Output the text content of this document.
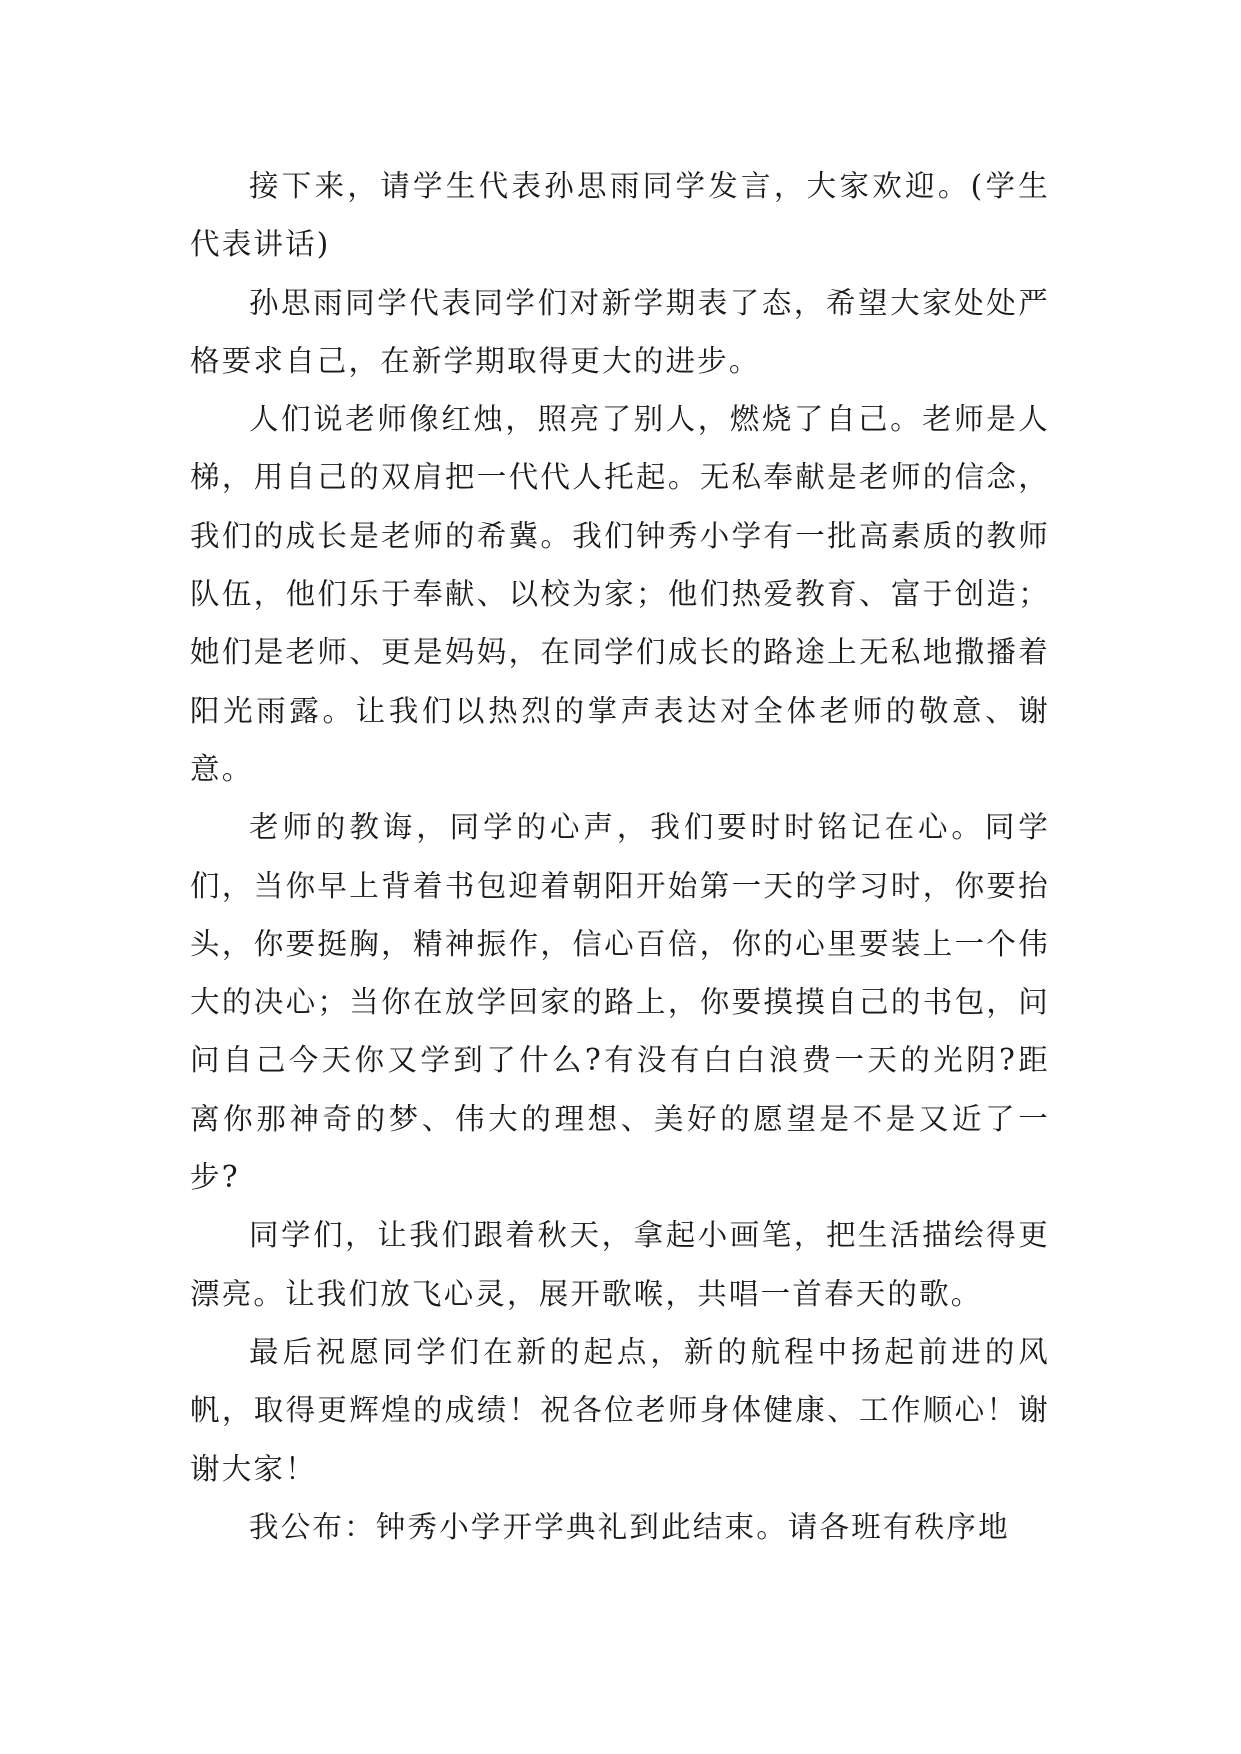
接下来，请学生代表孙思雨同学发言，大家欢迎。(学生代表讲话)

孙思雨同学代表同学们对新学期表了态，希望大家处处严格要求自己，在新学期取得更大的进步。

人们说老师像红烛，照亮了别人，燃烧了自己。老师是人梯，用自己的双肩把一代代人托起。无私奉献是老师的信念，我们的成长是老师的希冀。我们钟秀小学有一批高素质的教师队伍，他们乐于奉献、以校为家；他们热爱教育、富于创造；她们是老师、更是妈妈，在同学们成长的路途上无私地撒播着阳光雨露。让我们以热烈的掌声表达对全体老师的敬意、谢意。

老师的教诲，同学的心声，我们要时时铭记在心。同学们，当你早上背着书包迎着朝阳开始第一天的学习时，你要抬头，你要挺胸，精神振作，信心百倍，你的心里要装上一个伟大的决心；当你在放学回家的路上，你要摸摸自己的书包，问问自己今天你又学到了什么?有没有白白浪费一天的光阴?距离你那神奇的梦、伟大的理想、美好的愿望是不是又近了一步?

同学们，让我们跟着秋天，拿起小画笔，把生活描绘得更漂亮。让我们放飞心灵，展开歌喉，共唱一首春天的歌。

最后祝愿同学们在新的起点，新的航程中扬起前进的风帆，取得更辉煌的成绩！祝各位老师身体健康、工作顺心！谢谢大家！

我公布：钟秀小学开学典礼到此结束。请各班有秩序地
